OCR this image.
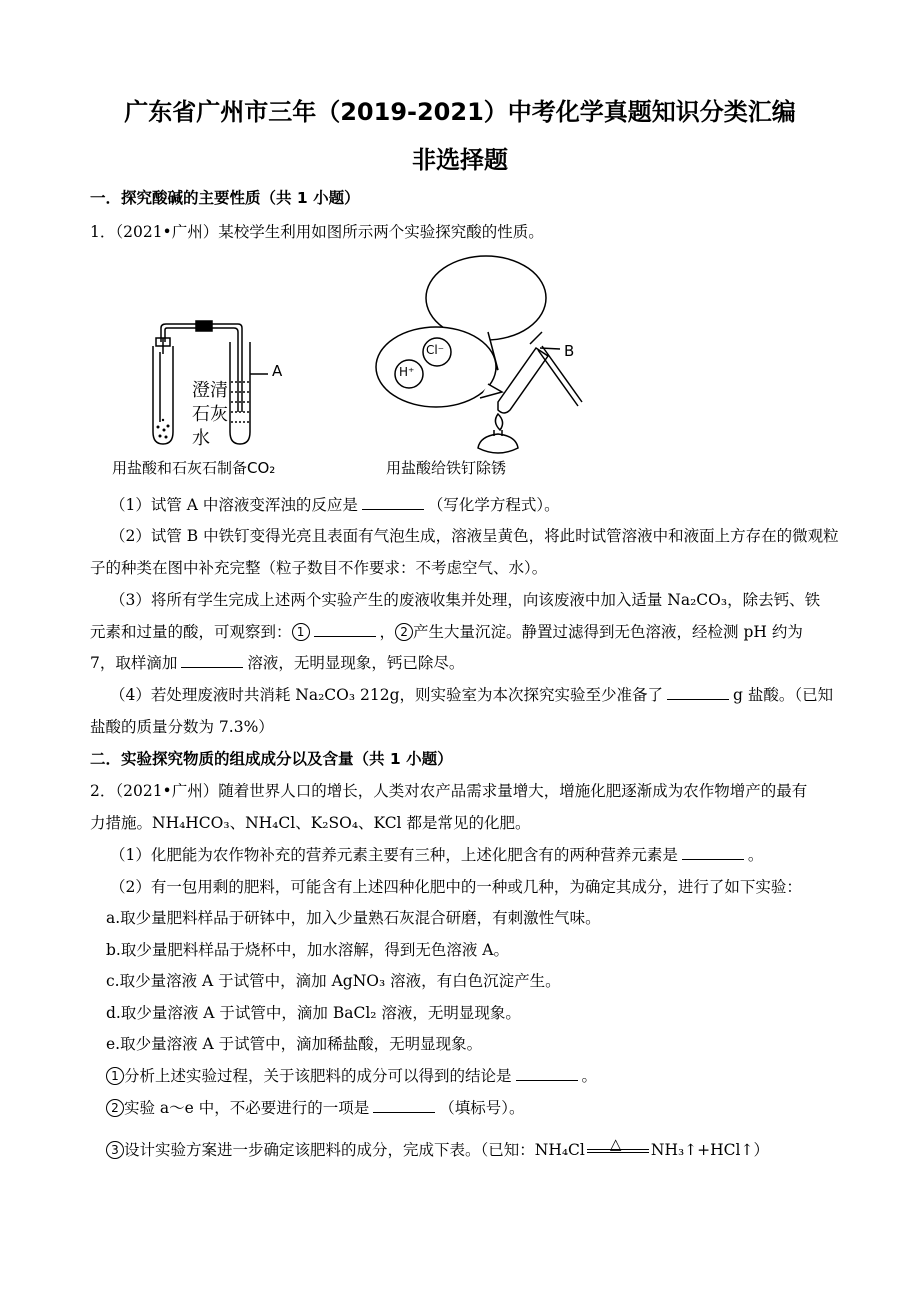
广东省广州市三年（2019-2021）中考化学真题知识分类汇编
非选择题
一．探究酸碱的主要性质（共 1 小题）
1．（2021•广州）某校学生利用如图所示两个实验探究酸的性质。
A
澄清
石灰
水
Cl⁻
H⁺
B
用盐酸和石灰石制备CO₂	用盐酸给铁钉除锈
（1）试管 A 中溶液变浑浊的反应是	（写化学方程式）。
（2）试管 B 中铁钉变得光亮且表面有气泡生成，溶液呈黄色，将此时试管溶液中和液面上方存在的微观粒
子的种类在图中补充完整（粒子数目不作要求：不考虑空气、水）。
（3）将所有学生完成上述两个实验产生的废液收集并处理，向该废液中加入适量 Na₂CO₃，除去钙、铁
元素和过量的酸，可观察到： 1	， 2 产生大量沉淀。静置过滤得到无色溶液，经检测 pH 约为
7，取样滴加	溶液，无明显现象，钙已除尽。
（4）若处理废液时共消耗 Na₂CO₃ 212g，则实验室为本次探究实验至少准备了	g 盐酸。（已知
盐酸的质量分数为 7.3%）
二．实验探究物质的组成成分以及含量（共 1 小题）
2．（2021•广州）随着世界人口的增长，人类对农产品需求量增大，增施化肥逐渐成为农作物增产的最有
力措施。NH₄HCO₃、NH₄Cl、K₂SO₄、KCl 都是常见的化肥。
（1）化肥能为农作物补充的营养元素主要有三种，上述化肥含有的两种营养元素是	。
（2）有一包用剩的肥料，可能含有上述四种化肥中的一种或几种，为确定其成分，进行了如下实验：
a.取少量肥料样品于研钵中，加入少量熟石灰混合研磨，有刺激性气味。
b.取少量肥料样品于烧杯中，加水溶解，得到无色溶液 A。
c.取少量溶液 A 于试管中，滴加 AgNO₃ 溶液，有白色沉淀产生。
d.取少量溶液 A 于试管中，滴加 BaCl₂ 溶液，无明显现象。
e.取少量溶液 A 于试管中，滴加稀盐酸，无明显现象。
1 分析上述实验过程，关于该肥料的成分可以得到的结论是	。
2 实验 a～e 中，不必要进行的一项是	（填标号）。
3 设计实验方案进一步确定该肥料的成分，完成下表。（已知：NH₄Cl △ NH₃↑+HCl↑）
